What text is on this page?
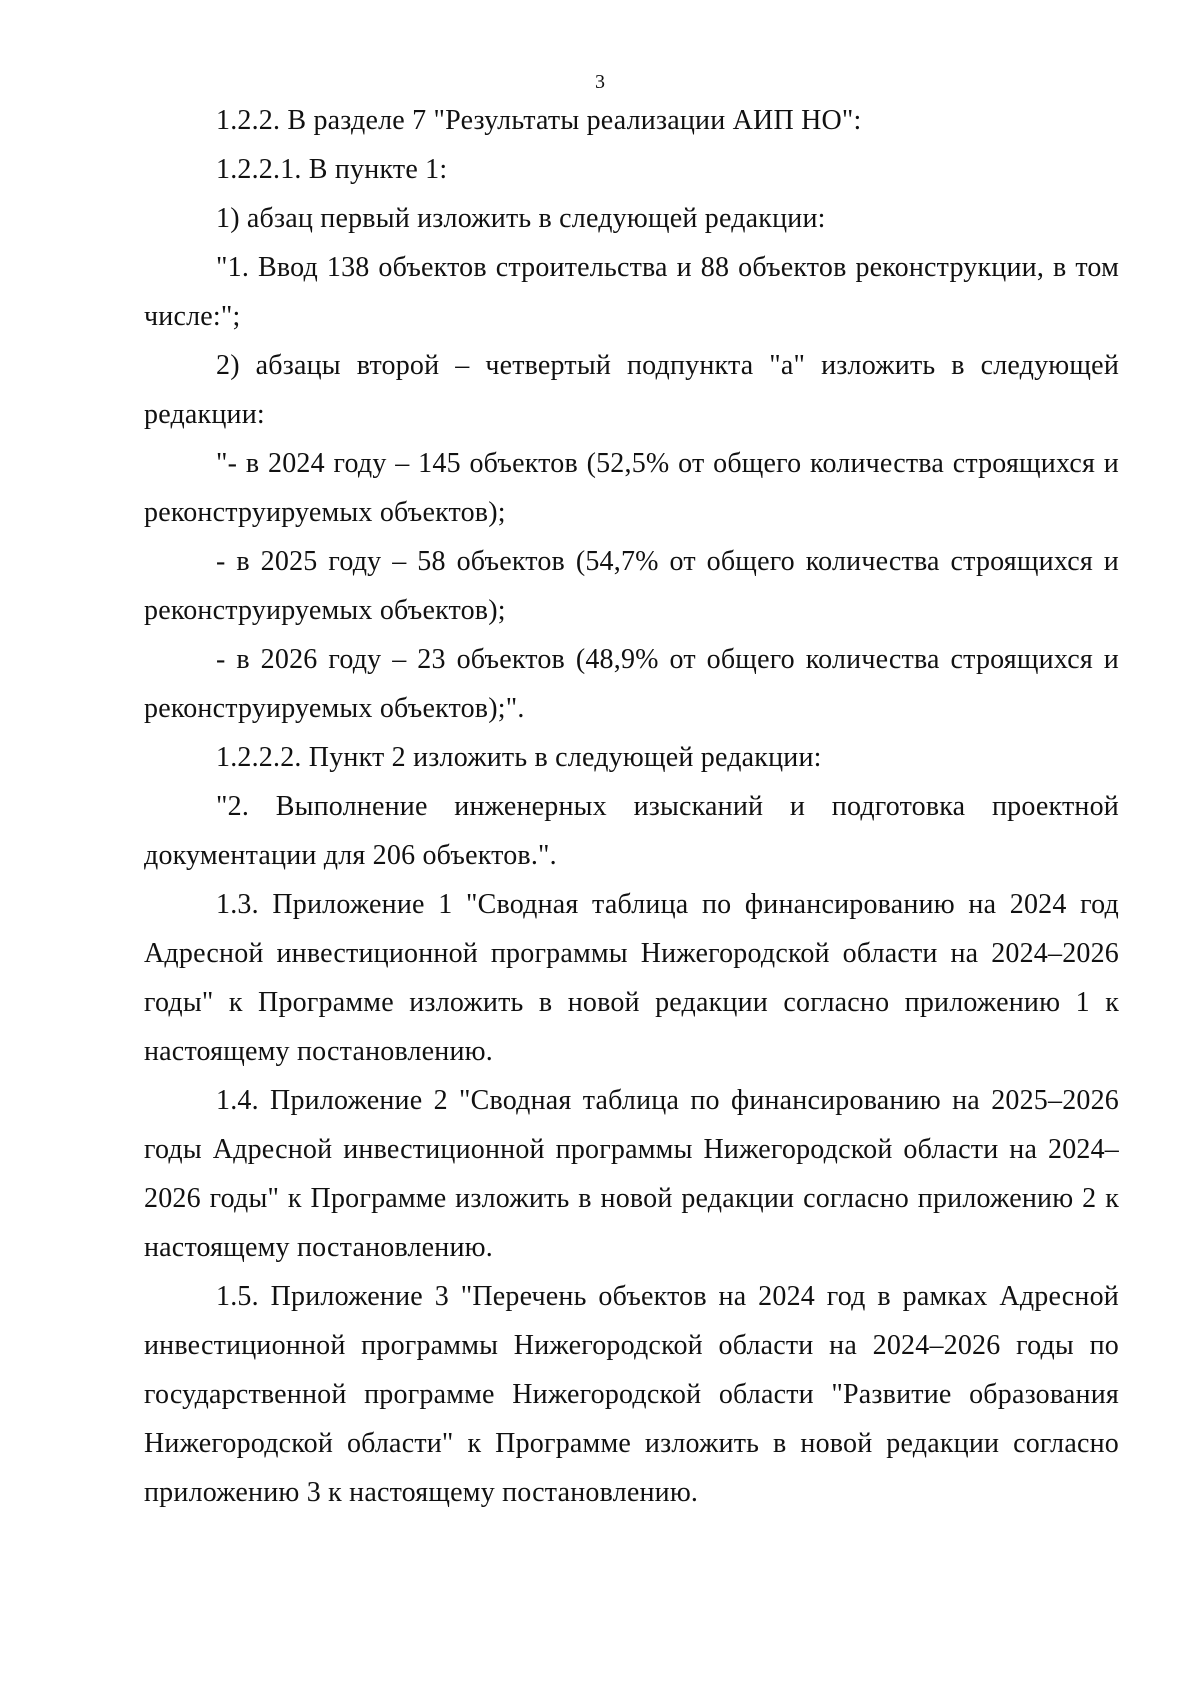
3

1.2.2. В разделе 7 "Результаты реализации АИП НО":

1.2.2.1. В пункте 1:

1) абзац первый изложить в следующей редакции:

"1. Ввод 138 объектов строительства и 88 объектов реконструкции, в том числе:";

2) абзацы второй – четвертый подпункта "а" изложить в следующей редакции:

"- в 2024 году – 145 объектов (52,5% от общего количества строящихся и реконструируемых объектов);

- в 2025 году – 58 объектов (54,7% от общего количества строящихся и реконструируемых объектов);

- в 2026 году – 23 объектов (48,9% от общего количества строящихся и реконструируемых объектов);".

1.2.2.2. Пункт 2 изложить в следующей редакции:

"2. Выполнение инженерных изысканий и подготовка проектной документации для 206 объектов.".

1.3. Приложение 1 "Сводная таблица по финансированию на 2024 год Адресной инвестиционной программы Нижегородской области на 2024–2026 годы" к Программе изложить в новой редакции согласно приложению 1 к настоящему постановлению.

1.4. Приложение 2 "Сводная таблица по финансированию на 2025–2026 годы Адресной инвестиционной программы Нижегородской области на 2024–2026 годы" к Программе изложить в новой редакции согласно приложению 2 к настоящему постановлению.

1.5. Приложение 3 "Перечень объектов на 2024 год в рамках Адресной инвестиционной программы Нижегородской области на 2024–2026 годы по государственной программе Нижегородской области "Развитие образования Нижегородской области" к Программе изложить в новой редакции согласно приложению 3 к настоящему постановлению.
